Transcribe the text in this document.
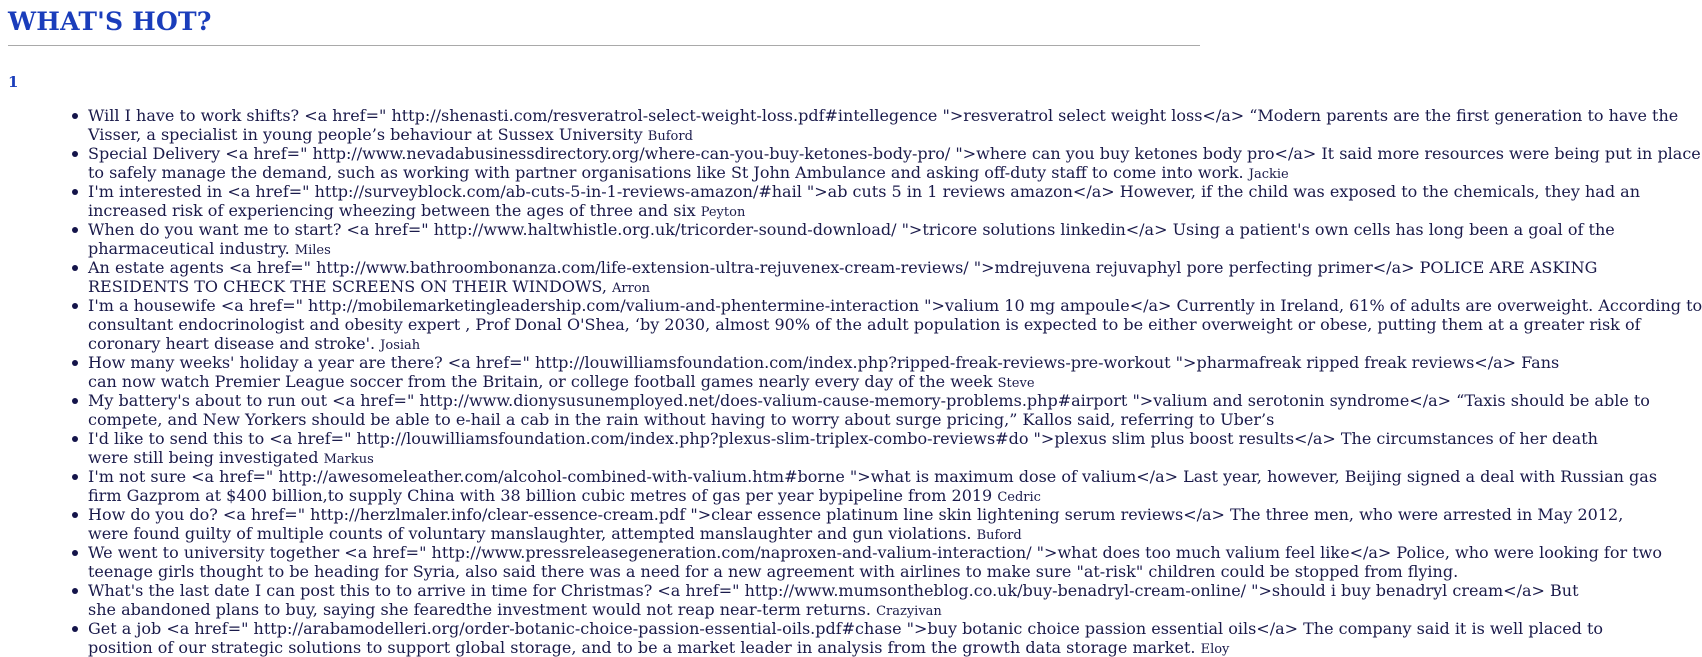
WHAT'S HOT?
1
Will I have to work shifts? <a href=" http://shenasti.com/resveratrol-select-weight-loss.pdf#intellegence ">resveratrol select weight loss</a> “Modern parents are the first generation to have the
Visser, a specialist in young people’s behaviour at Sussex University Buford
Special Delivery <a href=" http://www.nevadabusinessdirectory.org/where-can-you-buy-ketones-body-pro/ ">where can you buy ketones body pro</a> It said more resources were being put in place
to safely manage the demand, such as working with partner organisations like St John Ambulance and asking off-duty staff to come into work. Jackie
I'm interested in <a href=" http://surveyblock.com/ab-cuts-5-in-1-reviews-amazon/#hail ">ab cuts 5 in 1 reviews amazon</a> However, if the child was exposed to the chemicals, they had an
increased risk of experiencing wheezing between the ages of three and six Peyton
When do you want me to start? <a href=" http://www.haltwhistle.org.uk/tricorder-sound-download/ ">tricore solutions linkedin</a> Using a patient's own cells has long been a goal of the
pharmaceutical industry. Miles
An estate agents <a href=" http://www.bathroombonanza.com/life-extension-ultra-rejuvenex-cream-reviews/ ">mdrejuvena rejuvaphyl pore perfecting primer</a> POLICE ARE ASKING
RESIDENTS TO CHECK THE SCREENS ON THEIR WINDOWS, Arron
I'm a housewife <a href=" http://mobilemarketingleadership.com/valium-and-phentermine-interaction ">valium 10 mg ampoule</a> Currently in Ireland, 61% of adults are overweight. According to
consultant endocrinologist and obesity expert , Prof Donal O'Shea, ‘by 2030, almost 90% of the adult population is expected to be either overweight or obese, putting them at a greater risk of
coronary heart disease and stroke'. Josiah
How many weeks' holiday a year are there? <a href=" http://louwilliamsfoundation.com/index.php?ripped-freak-reviews-pre-workout ">pharmafreak ripped freak reviews</a> Fans
can now watch Premier League soccer from the Britain, or college football games nearly every day of the week Steve
My battery's about to run out <a href=" http://www.dionysusunemployed.net/does-valium-cause-memory-problems.php#airport ">valium and serotonin syndrome</a> “Taxis should be able to
compete, and New Yorkers should be able to e-hail a cab in the rain without having to worry about surge pricing,” Kallos said, referring to Uber’s
I'd like to send this to <a href=" http://louwilliamsfoundation.com/index.php?plexus-slim-triplex-combo-reviews#do ">plexus slim plus boost results</a> The circumstances of her death
were still being investigated Markus
I'm not sure <a href=" http://awesomeleather.com/alcohol-combined-with-valium.htm#borne ">what is maximum dose of valium</a> Last year, however, Beijing signed a deal with Russian gas
firm Gazprom at $400 billion,to supply China with 38 billion cubic metres of gas per year bypipeline from 2019 Cedric
How do you do? <a href=" http://herzlmaler.info/clear-essence-cream.pdf ">clear essence platinum line skin lightening serum reviews</a> The three men, who were arrested in May 2012,
were found guilty of multiple counts of voluntary manslaughter, attempted manslaughter and gun violations. Buford
We went to university together <a href=" http://www.pressreleasegeneration.com/naproxen-and-valium-interaction/ ">what does too much valium feel like</a> Police, who were looking for two
teenage girls thought to be heading for Syria, also said there was a need for a new agreement with airlines to make sure "at-risk" children could be stopped from flying.
What's the last date I can post this to to arrive in time for Christmas? <a href=" http://www.mumsontheblog.co.uk/buy-benadryl-cream-online/ ">should i buy benadryl cream</a> But
she abandoned plans to buy, saying she fearedthe investment would not reap near-term returns. Crazyivan
Get a job <a href=" http://arabamodelleri.org/order-botanic-choice-passion-essential-oils.pdf#chase ">buy botanic choice passion essential oils</a> The company said it is well placed to
position of our strategic solutions to support global storage, and to be a market leader in analysis from the growth data storage market. Eloy
